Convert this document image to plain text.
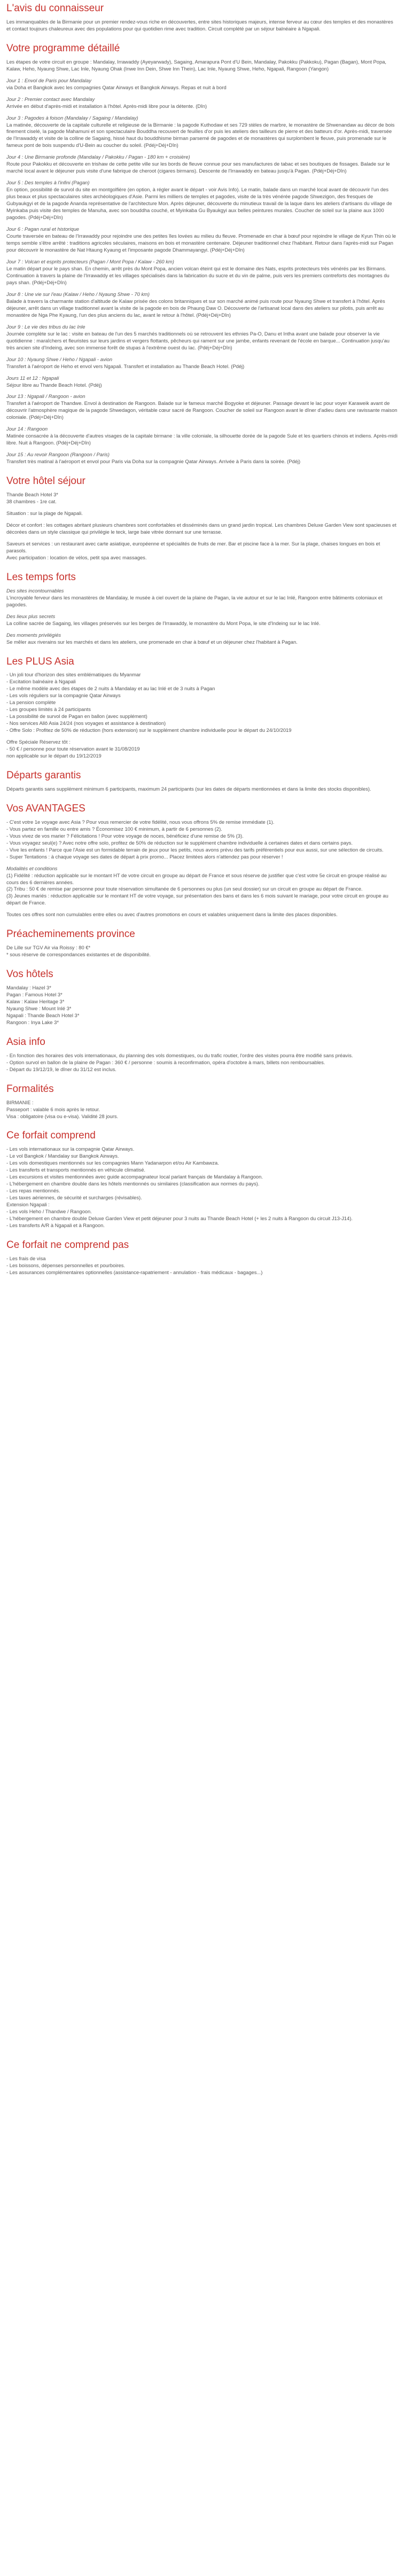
L'avis du connaisseur

Les immanquables de la Birmanie pour un premier rendez-vous riche en découvertes, entre sites historiques majeurs, intense ferveur au cœur des temples et des monastères et contact toujours chaleureux avec des populations pour qui quotidien rime avec tradition. Circuit complété par un séjour balnéaire à Ngapali.

Votre programme détaillé

Les étapes de votre circuit en groupe : Mandalay, Irrawaddy (Ayeyarwady), Sagaing, Amarapura Pont d'U Bein, Mandalay, Pakokku (Pakkoku), Pagan (Bagan), Mont Popa, Kalaw, Heho, Nyaung Shwe, Lac Inle, Nyaung Ohak (Inwe Inn Dein, Shwe Inn Thein), Lac Inle, Nyaung Shwe, Heho, Ngapali, Rangoon (Yangon)

Jour 1 : Envol de Paris pour Mandalay

via Doha et Bangkok avec les compagnies Qatar Airways et Bangkok Airways. Repas et nuit à bord

Jour 2 : Premier contact avec Mandalay

Arrivée en début d'après-midi et installation à l'hôtel. Après-midi libre pour la détente. (Dîn)

Jour 3 : Pagodes à foison (Mandalay / Sagaing / Mandalay)

La matinée, découverte de la capitale culturelle et religieuse de la Birmanie : la pagode Kuthodaw et ses 729 stèles de marbre, le monastère de Shwenandaw au décor de bois finement ciselé, la pagode Mahamuni et son spectaculaire Bouddha recouvert de feuilles d'or puis les ateliers des tailleurs de pierre et des batteurs d'or. Après-midi, traversée de l'Irrawaddy et visite de la colline de Sagaing, hissé haut du bouddhisme birman parsemé de pagodes et de monastères qui surplombent le fleuve, puis promenade sur le fameux pont de bois suspendu d'U-Bein au coucher du soleil. (Pdéj+Déj+Dîn)

Jour 4 : Une Birmanie profonde (Mandalay / Pakokku / Pagan - 180 km + croisière)

Route pour Pakokku et découverte en trishaw de cette petite ville sur les bords de fleuve connue pour ses manufactures de tabac et ses boutiques de fissages. Balade sur le marché local avant le déjeuner puis visite d'une fabrique de cheroot (cigares birmans). Descente de l'Irrawaddy en bateau jusqu'à Pagan. (Pdéj+Déj+Dîn)

Jour 5 : Des temples à l'infini (Pagan)

En option, possibilité de survol du site en montgolfière (en option, à régler avant le départ - voir Avis Info). Le matin, balade dans un marché local avant de découvrir l'un des plus beaux et plus spectaculaires sites archéologiques d'Asie. Parmi les milliers de temples et pagodes, visite de la très vénérée pagode Shwezigon, des fresques de Gubyaukgyi et de la pagode Ananda représentative de l'architecture Mon. Après déjeuner, découverte du minutieux travail de la laque dans les ateliers d'artisans du village de Myinkaba puis visite des temples de Manuha, avec son bouddha couché, et Myinkaba Gu Byaukgyi aux belles peintures murales. Coucher de soleil sur la plaine aux 1000 pagodes. (Pdéj+Déj+Dîn)

Jour 6 : Pagan rural et historique

Courte traversée en bateau de l'Irrawaddy pour rejoindre une des petites îles lovées au milieu du fleuve. Promenade en char à bœuf pour rejoindre le village de Kyun Thin où le temps semble s'être arrêté : traditions agricoles séculaires, maisons en bois et monastère centenaire. Déjeuner traditionnel chez l'habitant. Retour dans l'après-midi sur Pagan pour découvrir le monastère de Nat Htaung Kyaung et l'imposante pagode Dhammayangyi. (Pdéj+Déj+Dîn)

Jour 7 : Volcan et esprits protecteurs (Pagan / Mont Popa / Kalaw - 260 km)

Le matin départ pour le pays shan. En chemin, arrêt près du Mont Popa, ancien volcan éteint qui est le domaine des Nats, esprits protecteurs très vénérés par les Birmans. Continuation à travers la plaine de l'Irrawaddy et les villages spécialisés dans la fabrication du sucre et du vin de palme, puis vers les premiers contreforts des montagnes du pays shan. (Pdéj+Déj+Dîn)

Jour 8 : Une vie sur l'eau (Kalaw / Heho / Nyaung Shwe - 70 km)

Balade à travers la charmante station d'altitude de Kalaw prisée des colons britanniques et sur son marché animé puis route pour Nyaung Shwe et transfert à l'hôtel. Après déjeuner, arrêt dans un village traditionnel avant la visite de la pagode en bois de Phaung Daw O. Découverte de l'artisanat local dans des ateliers sur pilotis, puis arrêt au monastère de Nga Phe Kyaung, l'un des plus anciens du lac, avant le retour à l'hôtel. (Pdéj+Déj+Dîn)

Jour 9 : Le vie des tribus du lac Inle

Journée complète sur le lac : visite en bateau de l'un des 5 marchés traditionnels où se retrouvent les ethnies Pa-O, Danu et Intha avant une balade pour observer la vie quotidienne : maraîchers et fleuristes sur leurs jardins et vergers flottants, pêcheurs qui rament sur une jambe, enfants revenant de l'école en barque... Continuation jusqu'au très ancien site d'Indeing, avec son immense forêt de stupas à l'extrême ouest du lac. (Pdéj+Déj+Dîn)

Jour 10 : Nyaung Shwe / Heho / Ngapali - avion

Transfert à l'aéroport de Heho et envol vers Ngapali. Transfert et installation au Thande Beach Hotel. (Pdéj)

Jours 11 et 12 : Ngapali

Séjour libre au Thande Beach Hotel. (Pdéj)

Jour 13 : Ngapali / Rangoon - avion

Transfert à l'aéroport de Thandwe. Envol à destination de Rangoon. Balade sur le fameux marché Bogyoke et déjeuner. Passage devant le lac pour voyer Karaweik avant de découvrir l'atmosphère magique de la pagode Shwedagon, véritable cœur sacré de Rangoon. Coucher de soleil sur Rangoon avant le dîner d'adieu dans une ravissante maison coloniale. (Pdéj+Déj+Dîn)

Jour 14 : Rangoon

Matinée consacrée à la découverte d'autres visages de la capitale birmane : la ville coloniale, la silhouette dorée de la pagode Sule et les quartiers chinois et indiens. Après-midi libre. Nuit à Rangoon. (Pdéj+Déj+Dîn)

Jour 15 : Au revoir Rangoon (Rangoon / Paris)

Transfert très matinal à l'aéroport et envol pour Paris via Doha sur la compagnie Qatar Airways. Arrivée à Paris dans la soirée. (Pdéj)

Votre hôtel séjour

Thande Beach Hotel 3*
38 chambres - 1re cat.

Situation : sur la plage de Ngapali.

Décor et confort : les cottages abritant plusieurs chambres sont confortables et disséminés dans un grand jardin tropical. Les chambres Deluxe Garden View sont spacieuses et décorées dans un style classique qui privilégie le teck, large baie vitrée donnant sur une terrasse.

Saveurs et services : un restaurant avec carte asiatique, européenne et spécialités de fruits de mer. Bar et piscine face à la mer. Sur la plage, chaises longues en bois et parasols.
Avec participation : location de vélos, petit spa avec massages.

Les temps forts

Des sites incontournables

L'incroyable ferveur dans les monastères de Mandalay, le musée à ciel ouvert de la plaine de Pagan, la vie autour et sur le lac Inlé, Rangoon entre bâtiments coloniaux et pagodes.

Des lieux plus secrets

La colline sacrée de Sagaing, les villages préservés sur les berges de l'Irrawaddy, le monastère du Mont Popa, le site d'Indeing sur le lac Inlé.

Des moments privilégiés

Se mêler aux riverains sur les marchés et dans les ateliers, une promenade en char à bœuf et un déjeuner chez l'habitant à Pagan.

Les PLUS Asia
- Un joli tour d'horizon des sites emblématiques du Myanmar
- Excitation balnéaire à Ngapali
- Le même modèle avec des étapes de 2 nuits à Mandalay et au lac Inlé et de 3 nuits à Pagan
- Les vols réguliers sur la compagnie Qatar Airways
- La pension complète
- Les groupes limités à 24 participants
- La possibilité de survol de Pagan en ballon (avec supplément)
- Nos services Allô Asia 24/24 (nos voyages et assistance à destination)
- Offre Solo : Profitez de 50% de réduction (hors extension) sur le supplément chambre individuelle pour le départ du 24/10/2019
Offre Spéciale Réservez tôt :
- 50 € / personne pour toute réservation avant le 31/08/2019
non applicable sur le départ du 19/12/2019
Départs garantis

Départs garantis sans supplément minimum 6 participants, maximum 24 participants (sur les dates de départs mentionnées et dans la limite des stocks disponibles).

Vos AVANTAGES
- C'est votre 1e voyage avec Asia ? Pour vous remercier de votre fidélité, nous vous offrons 5% de remise immédiate (1).
- Vous partez en famille ou entre amis ? Économisez 100 € minimum, à partir de 6 personnes (2).
- Vous vivez de vos marier ? Félicitations ! Pour votre voyage de noces, bénéficiez d'une remise de 5% (3).
- Vous voyagez seul(e) ? Avec notre offre solo, profitez de 50% de réduction sur le supplément chambre individuelle à certaines dates et dans certains pays.
- Vive les enfants ! Parce que l'Asie est un formidable terrain de jeux pour les petits, nous avons prévu des tarifs préférentiels pour eux aussi, sur une sélection de circuits.
- Super Tentations : à chaque voyage ses dates de départ à prix promo... Placez limitées alors n'attendez pas pour réserver !

Modalités et conditions

(1) Fidélité : réduction applicable sur le montant HT de votre circuit en groupe au départ de France et sous réserve de justifier que c'est votre 5e circuit en groupe réalisé au cours des 6 dernières années.
(2) Tribu : 50 € de remise par personne pour toute réservation simultanée de 6 personnes ou plus (un seul dossier) sur un circuit en groupe au départ de France.
(3) Jeunes mariés : réduction applicable sur le montant HT de votre voyage, sur présentation des bans et dans les 6 mois suivant le mariage, pour votre circuit en groupe au départ de France.

Toutes ces offres sont non cumulables entre elles ou avec d'autres promotions en cours et valables uniquement dans la limite des places disponibles.

Préacheminements province
De Lille sur TGV Air via Roissy : 80 €*
* sous réserve de correspondances existantes et de disponibilité.
Vos hôtels
Mandalay : Hazel 3*
Pagan : Famous Hotel 3*
Kalaw : Kalaw Heritage 3*
Nyaung Shwe : Mount Inlé 3*
Ngapali : Thande Beach Hotel 3*
Rangoon : Inya Lake 3*
Asia info
- En fonction des horaires des vols internationaux, du planning des vols domestiques, ou du trafic routier, l'ordre des visites pourra être modifié sans préavis.
- Option survol en ballon de la plaine de Pagan : 360 € / personne : soumis à reconfirmation, opéra d'octobre à mars, billets non remboursables.
- Départ du 19/12/19, le dîner du 31/12 est inclus.
Formalités
BIRMANIE :
Passeport : valable 6 mois après le retour.
Visa : obligatoire (visa ou e-visa). Validité 28 jours.
Ce forfait comprend
- Les vols internationaux sur la compagnie Qatar Airways.
- Le vol Bangkok / Mandalay sur Bangkok Airways.
- Les vols domestiques mentionnés sur les compagnies Mann Yadanarpon et/ou Air Kambawza.
- Les transferts et transports mentionnés en véhicule climatisé.
- Les excursions et visites mentionnées avec guide accompagnateur local parlant français de Mandalay à Rangoon.
- L'hébergement en chambre double dans les hôtels mentionnés ou similaires (classification aux normes du pays).
- Les repas mentionnés.
- Les taxes aériennes, de sécurité et surcharges (révisables).
Extension Ngapali :
- Les vols Heho / Thandwe / Rangoon.
- L'hébergement en chambre double Deluxe Garden View et petit déjeuner pour 3 nuits au Thande Beach Hotel (+ les 2 nuits à Rangoon du circuit J13-J14).
- Les transferts A/R à Ngapali et à Rangoon.
Ce forfait ne comprend pas
- Les frais de visa
- Les boissons, dépenses personnelles et pourboires.
- Les assurances complémentaires optionnelles (assistance-rapatriement - annulation - frais médicaux - bagages...)
